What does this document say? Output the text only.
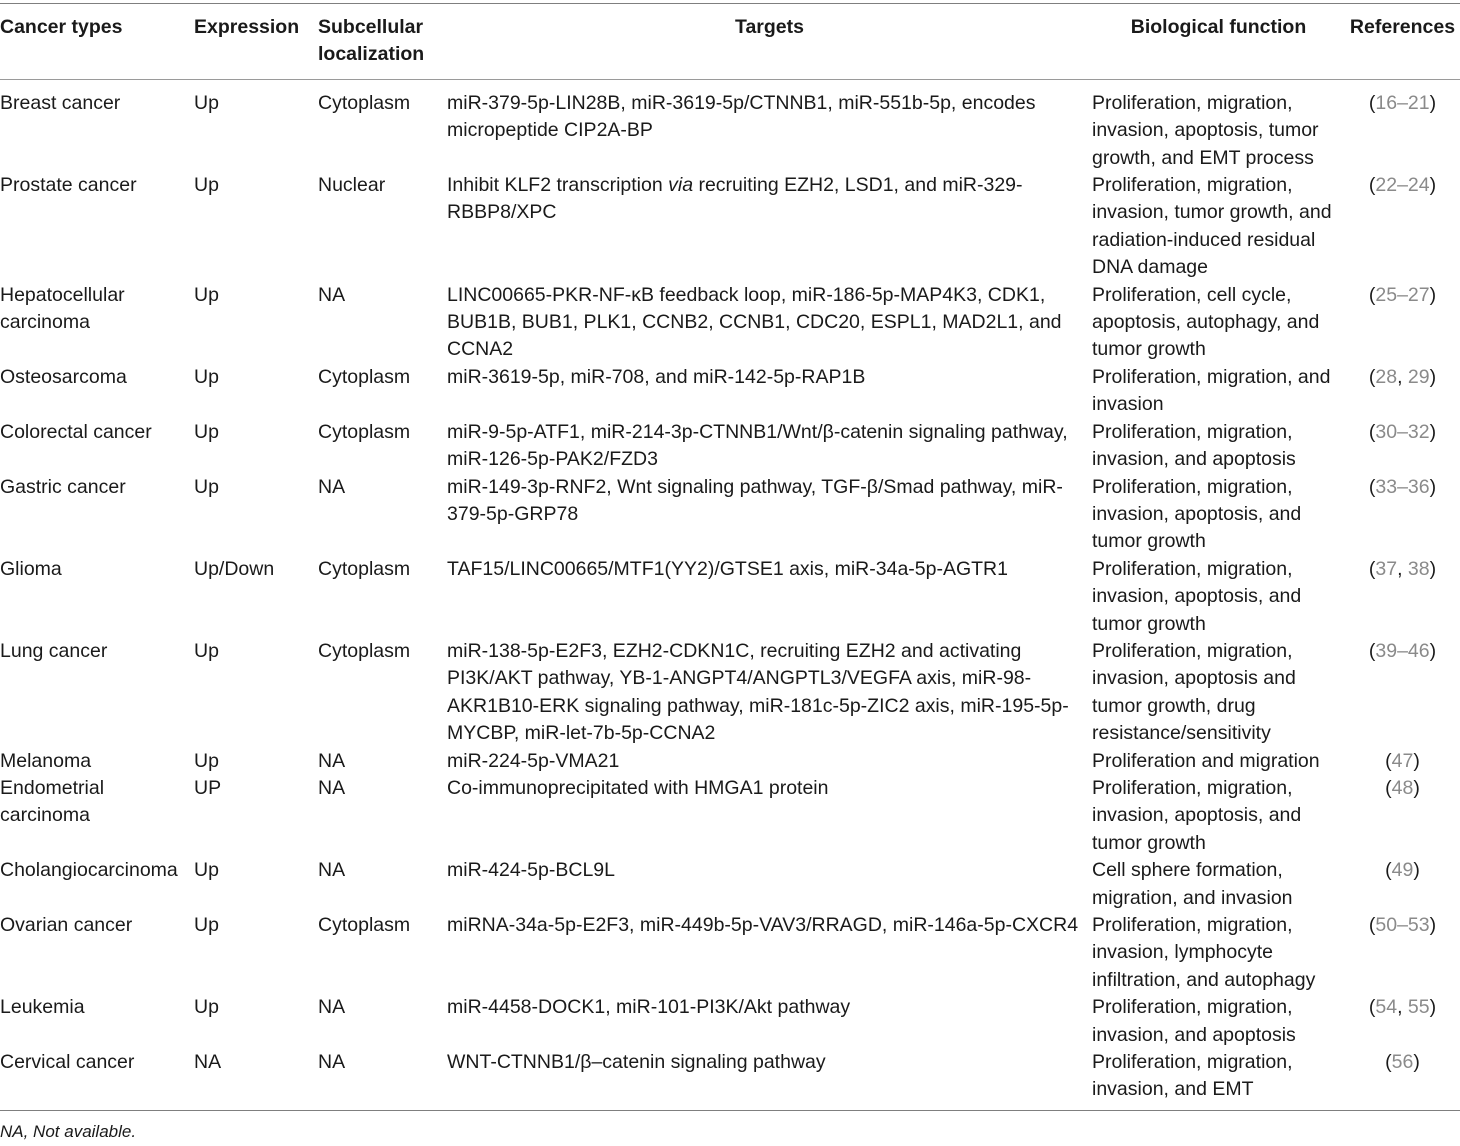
Cancer types	Expression	Subcellular localization	Targets	Biological function	References
Breast cancer	Up	Cytoplasm	miR-379-5p-LIN28B, miR-3619-5p/CTNNB1, miR-551b-5p, encodes micropeptide CIP2A-BP	Proliferation, migration, invasion, apoptosis, tumor growth, and EMT process	(16–21)
Prostate cancer	Up	Nuclear	Inhibit KLF2 transcription via recruiting EZH2, LSD1, and miR-329-RBBP8/XPC	Proliferation, migration, invasion, tumor growth, and radiation-induced residual DNA damage	(22–24)
Hepatocellular carcinoma	Up	NA	LINC00665-PKR-NF-κB feedback loop, miR-186-5p-MAP4K3, CDK1, BUB1B, BUB1, PLK1, CCNB2, CCNB1, CDC20, ESPL1, MAD2L1, and CCNA2	Proliferation, cell cycle, apoptosis, autophagy, and tumor growth	(25–27)
Osteosarcoma	Up	Cytoplasm	miR-3619-5p, miR-708, and miR-142-5p-RAP1B	Proliferation, migration, and invasion	(28, 29)
Colorectal cancer	Up	Cytoplasm	miR-9-5p-ATF1, miR-214-3p-CTNNB1/Wnt/β-catenin signaling pathway, miR-126-5p-PAK2/FZD3	Proliferation, migration, invasion, and apoptosis	(30–32)
Gastric cancer	Up	NA	miR-149-3p-RNF2, Wnt signaling pathway, TGF-β/Smad pathway, miR-379-5p-GRP78	Proliferation, migration, invasion, apoptosis, and tumor growth	(33–36)
Glioma	Up/Down	Cytoplasm	TAF15/LINC00665/MTF1(YY2)/GTSE1 axis, miR-34a-5p-AGTR1	Proliferation, migration, invasion, apoptosis, and tumor growth	(37, 38)
Lung cancer	Up	Cytoplasm	miR-138-5p-E2F3, EZH2-CDKN1C, recruiting EZH2 and activating PI3K/AKT pathway, YB-1-ANGPT4/ANGPTL3/VEGFA axis, miR-98-AKR1B10-ERK signaling pathway, miR-181c-5p-ZIC2 axis, miR-195-5p-MYCBP, miR-let-7b-5p-CCNA2	Proliferation, migration, invasion, apoptosis and tumor growth, drug resistance/sensitivity	(39–46)
Melanoma	Up	NA	miR-224-5p-VMA21	Proliferation and migration	(47)
Endometrial carcinoma	UP	NA	Co-immunoprecipitated with HMGA1 protein	Proliferation, migration, invasion, apoptosis, and tumor growth	(48)
Cholangiocarcinoma	Up	NA	miR-424-5p-BCL9L	Cell sphere formation, migration, and invasion	(49)
Ovarian cancer	Up	Cytoplasm	miRNA-34a-5p-E2F3, miR-449b-5p-VAV3/RRAGD, miR-146a-5p-CXCR4	Proliferation, migration, invasion, lymphocyte infiltration, and autophagy	(50–53)
Leukemia	Up	NA	miR-4458-DOCK1, miR-101-PI3K/Akt pathway	Proliferation, migration, invasion, and apoptosis	(54, 55)
Cervical cancer	NA	NA	WNT-CTNNB1/β–catenin signaling pathway	Proliferation, migration, invasion, and EMT	(56)
NA, Not available.
